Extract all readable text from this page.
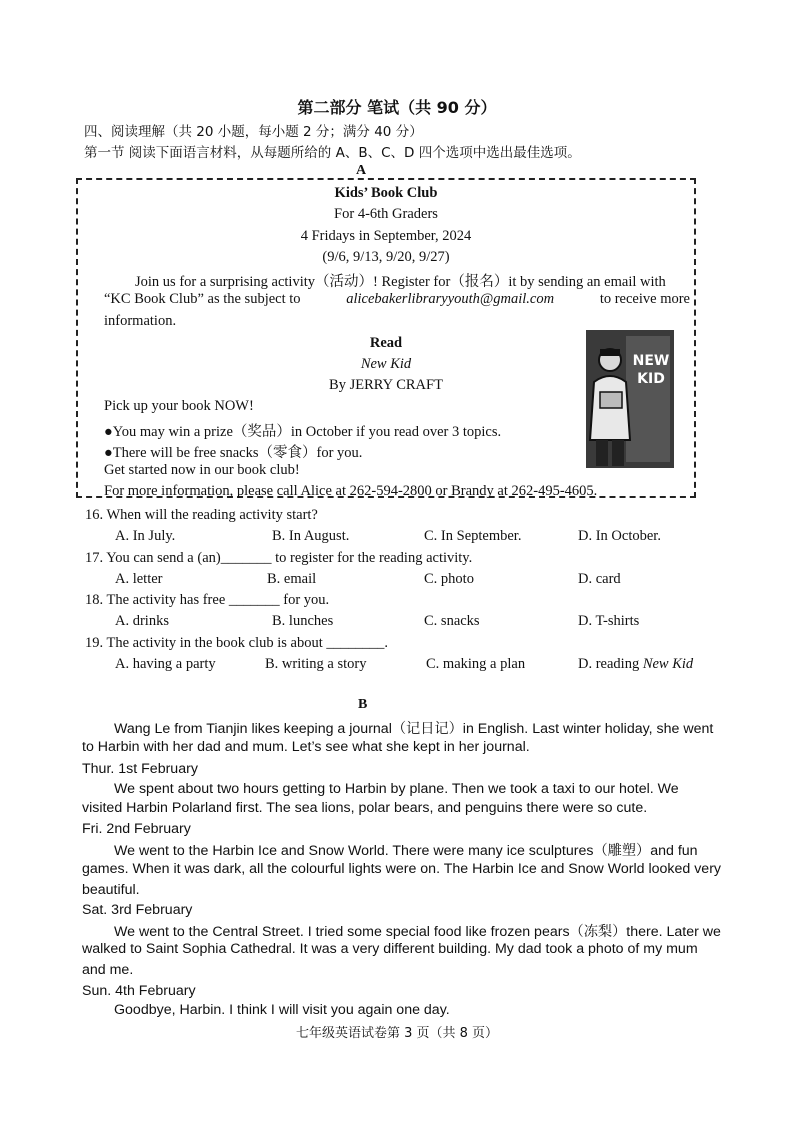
第二部分 笔试（共 90 分）
四、阅读理解（共 20 小题，每小题 2 分；满分 40 分）
第一节 阅读下面语言材料，从每题所给的 A、B、C、D 四个选项中选出最佳选项。
A
Kids’ Book Club
For 4-6th Graders
4 Fridays in September, 2024
(9/6, 9/13, 9/20, 9/27)
Join us for a surprising activity（活动）! Register for（报名）it by sending an email with
“KC Book Club” as the subject to	alicebakerlibraryyouth@gmail.com	to receive more
information.
Read
New Kid
By JERRY CRAFT
Pick up your book NOW!
●You may win a prize（奖品）in October if you read over 3 topics.
●There will be free snacks（零食）for you.
Get started now in our book club!
For more information, please call Alice at 262-594-2800 or Brandy at 262-495-4605.
NEW KID
16. When will the reading activity start?
A. In July.	B. In August.	C. In September.	D. In October.
17. You can send a (an)_______ to register for the reading activity.
A. letter	B. email	C. photo	D. card
18. The activity has free _______ for you.
A. drinks	B. lunches	C. snacks	D. T-shirts
19. The activity in the book club is about ________.
A. having a party	B. writing a story	C. making a plan	D. reading New Kid
B
Wang Le from Tianjin likes keeping a journal（记日记）in English. Last winter holiday, she went
to Harbin with her dad and mum. Let’s see what she kept in her journal.
Thur. 1st February
We spent about two hours getting to Harbin by plane. Then we took a taxi to our hotel. We
visited Harbin Polarland first. The sea lions, polar bears, and penguins there were so cute.
Fri. 2nd February
We went to the Harbin Ice and Snow World. There were many ice sculptures（雕塑）and fun
games. When it was dark, all the colourful lights were on. The Harbin Ice and Snow World looked very
beautiful.
Sat. 3rd February
We went to the Central Street. I tried some special food like frozen pears（冻梨）there. Later we
walked to Saint Sophia Cathedral. It was a very different building. My dad took a photo of my mum
and me.
Sun. 4th February
Goodbye, Harbin. I think I will visit you again one day.
七年级英语试卷第 3 页（共 8 页）
